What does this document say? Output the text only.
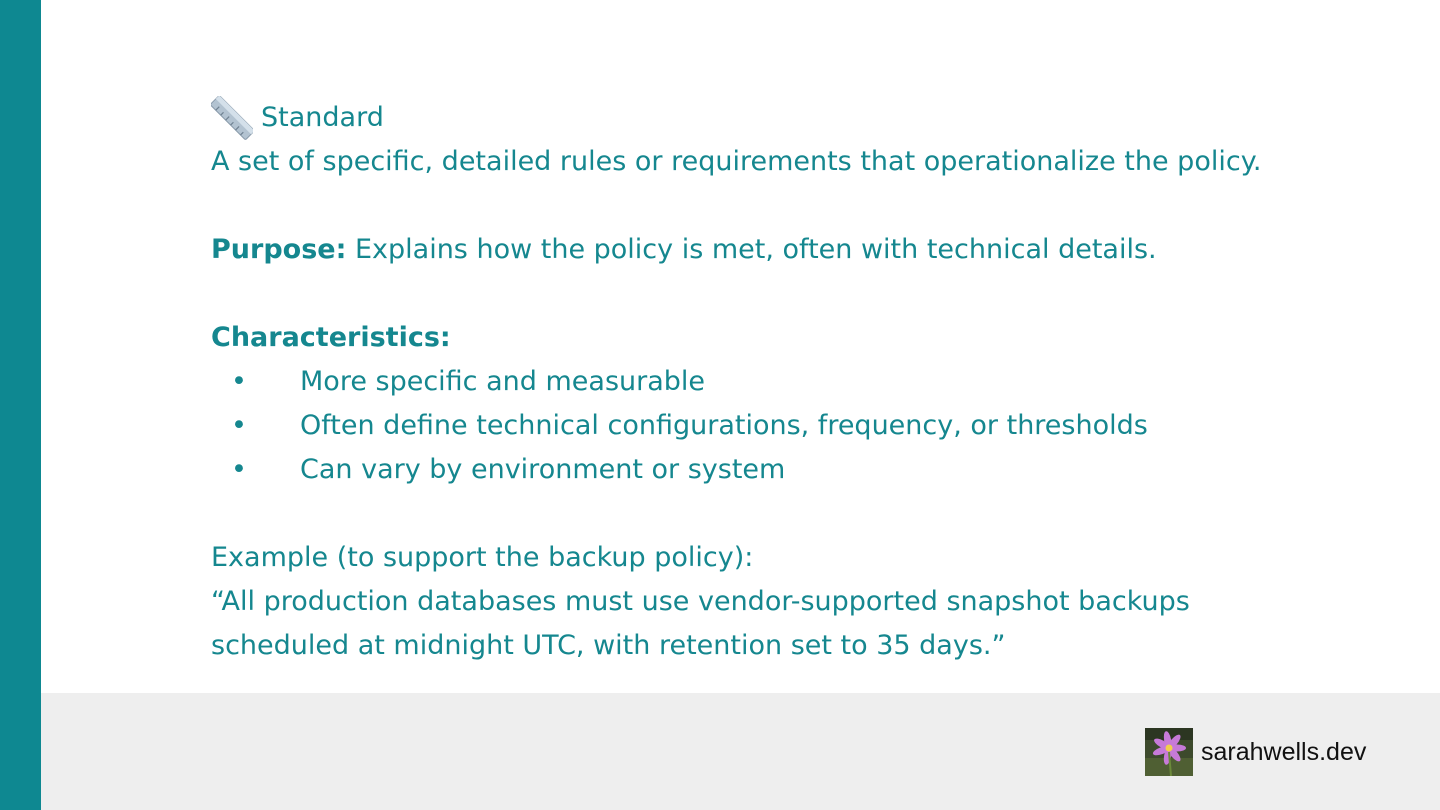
Standard
A set of specific, detailed rules or requirements that operationalize the policy.
Purpose: Explains how the policy is met, often with technical details.
Characteristics:
•	More specific and measurable
•	Often define technical configurations, frequency, or thresholds
•	Can vary by environment or system
Example (to support the backup policy):
“All production databases must use vendor-supported snapshot backups
scheduled at midnight UTC, with retention set to 35 days.”
sarahwells.dev
